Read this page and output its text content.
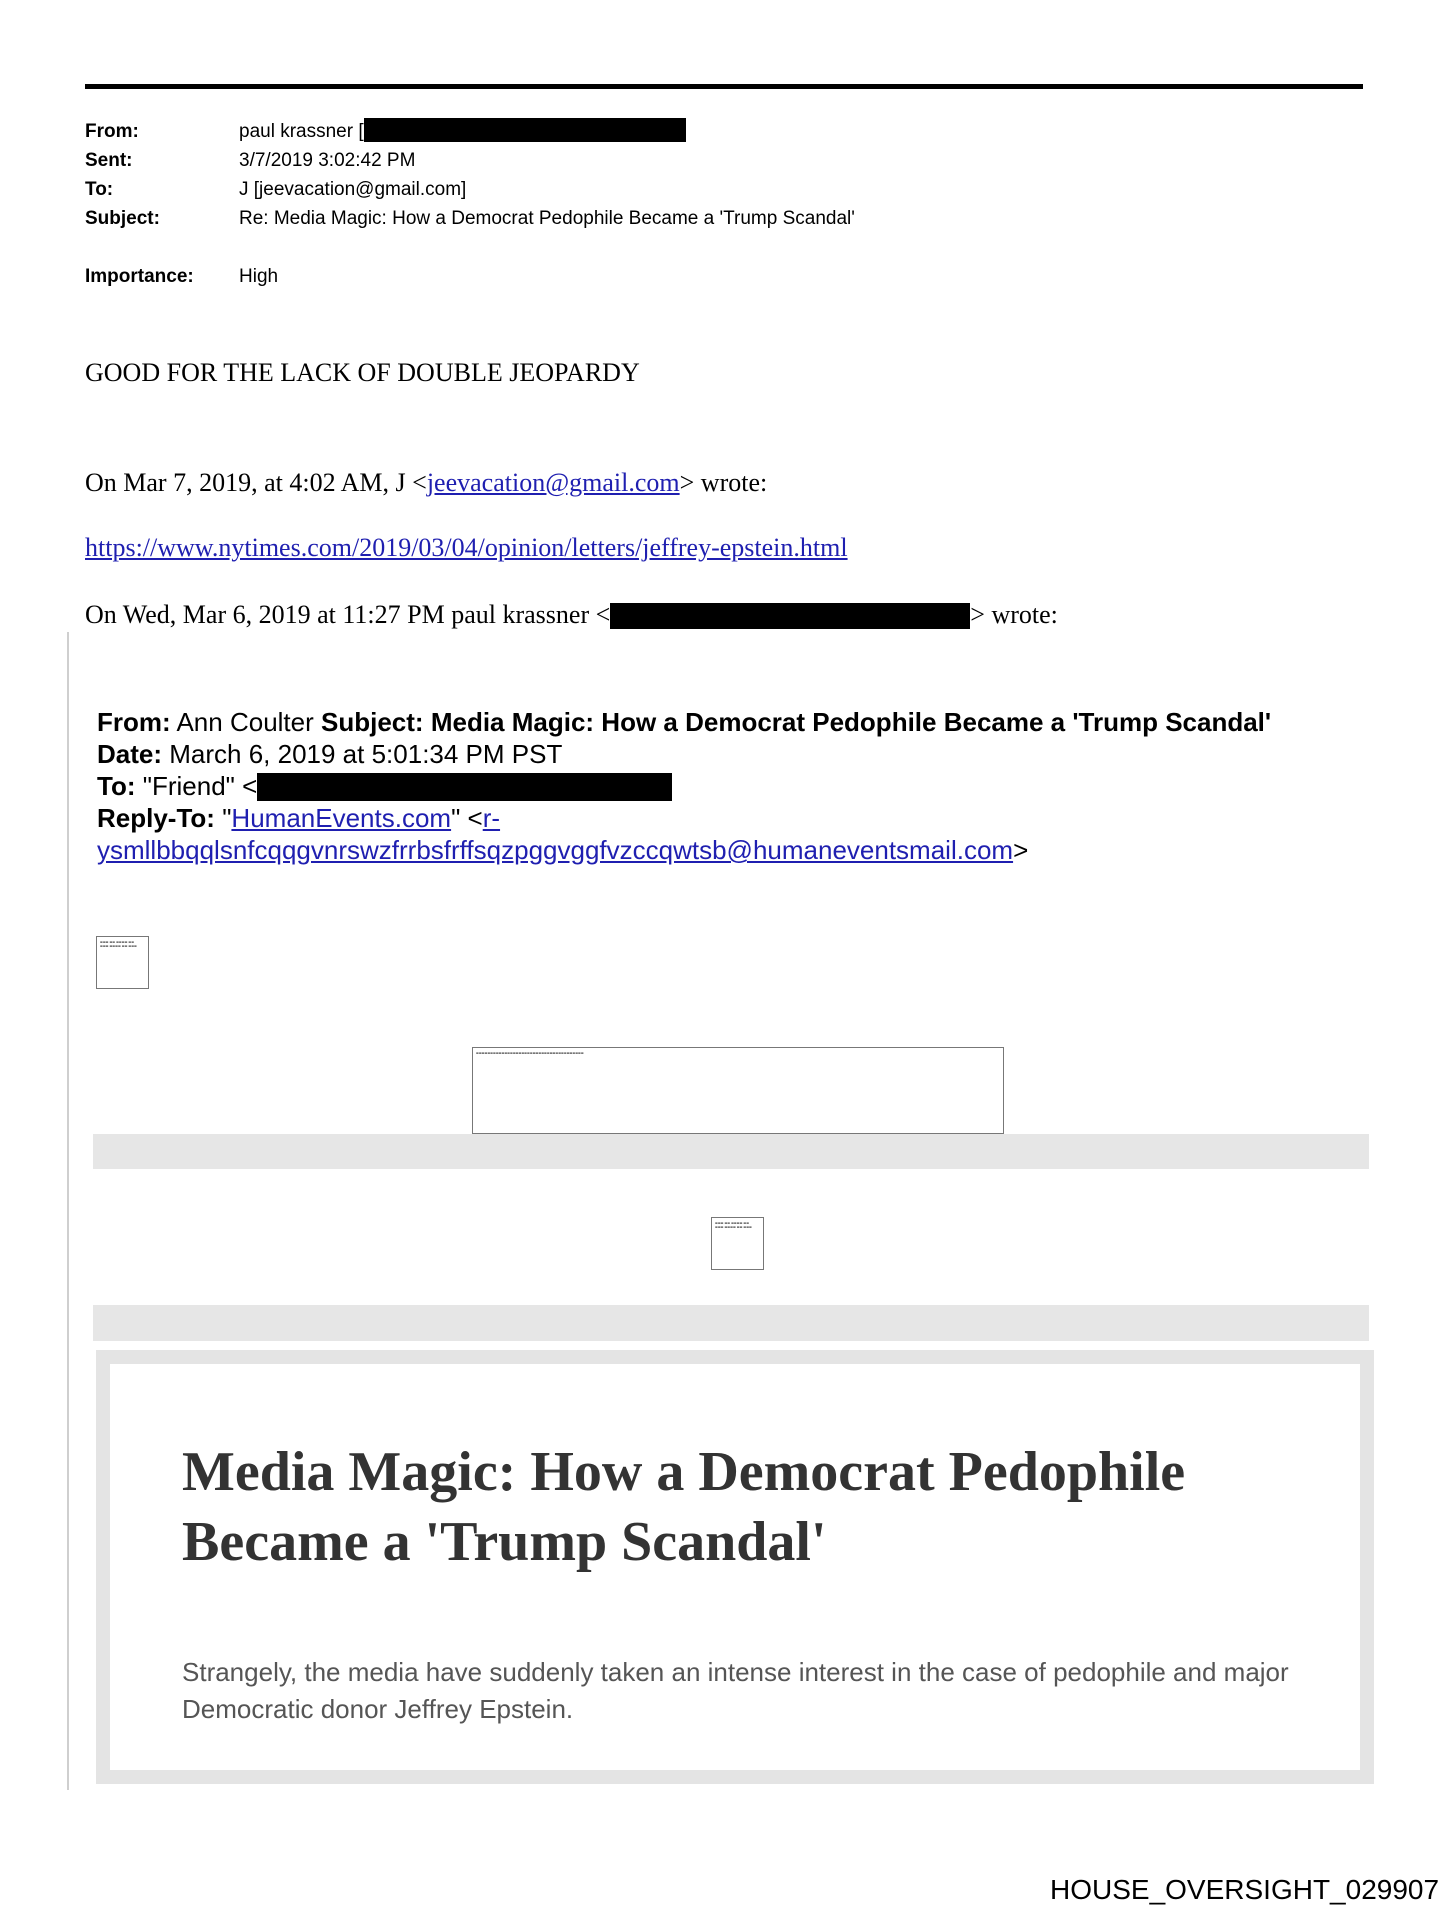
From:	paul krassner [
Sent:	3/7/2019 3:02:42 PM
To:	J [jeevacation@gmail.com]
Subject:	Re: Media Magic: How a Democrat Pedophile Became a 'Trump Scandal'
Importance: High
GOOD FOR THE LACK OF DOUBLE JEOPARDY
On Mar 7, 2019, at 4:02 AM, J <jeevacation@gmail.com> wrote:
https://www.nytimes.com/2019/03/04/opinion/letters/jeffrey-epstein.html
On Wed, Mar 6, 2019 at 11:27 PM paul krassner <	> wrote:
From: Ann Coulter Subject: Media Magic: How a Democrat Pedophile Became a 'Trump Scandal'
Date: March 6, 2019 at 5:01:34 PM PST
To: "Friend" <
Reply-To: "HumanEvents.com" <r-
ysmllbbqqlsnfcqqgvnrswzfrrbsfrffsqzpggvggfvzccqwtsb@humaneventsmail.com>
▬▬▬ ▬▬ ▬▬▬▬ ▬▬ ▬▬▬ ▬▬▬▬ ▬▬ ▬▬▬
▬▬▬▬▬▬▬▬▬▬▬▬▬▬▬▬▬▬▬▬▬▬▬▬▬▬▬▬▬▬▬▬▬▬▬▬▬▬
▬▬▬ ▬▬ ▬▬▬▬ ▬▬ ▬▬▬ ▬▬▬▬ ▬▬ ▬▬▬
Media Magic: How a Democrat Pedophile Became a 'Trump Scandal'
Strangely, the media have suddenly taken an intense interest in the case of pedophile and major Democratic donor Jeffrey Epstein.
HOUSE_OVERSIGHT_029907
